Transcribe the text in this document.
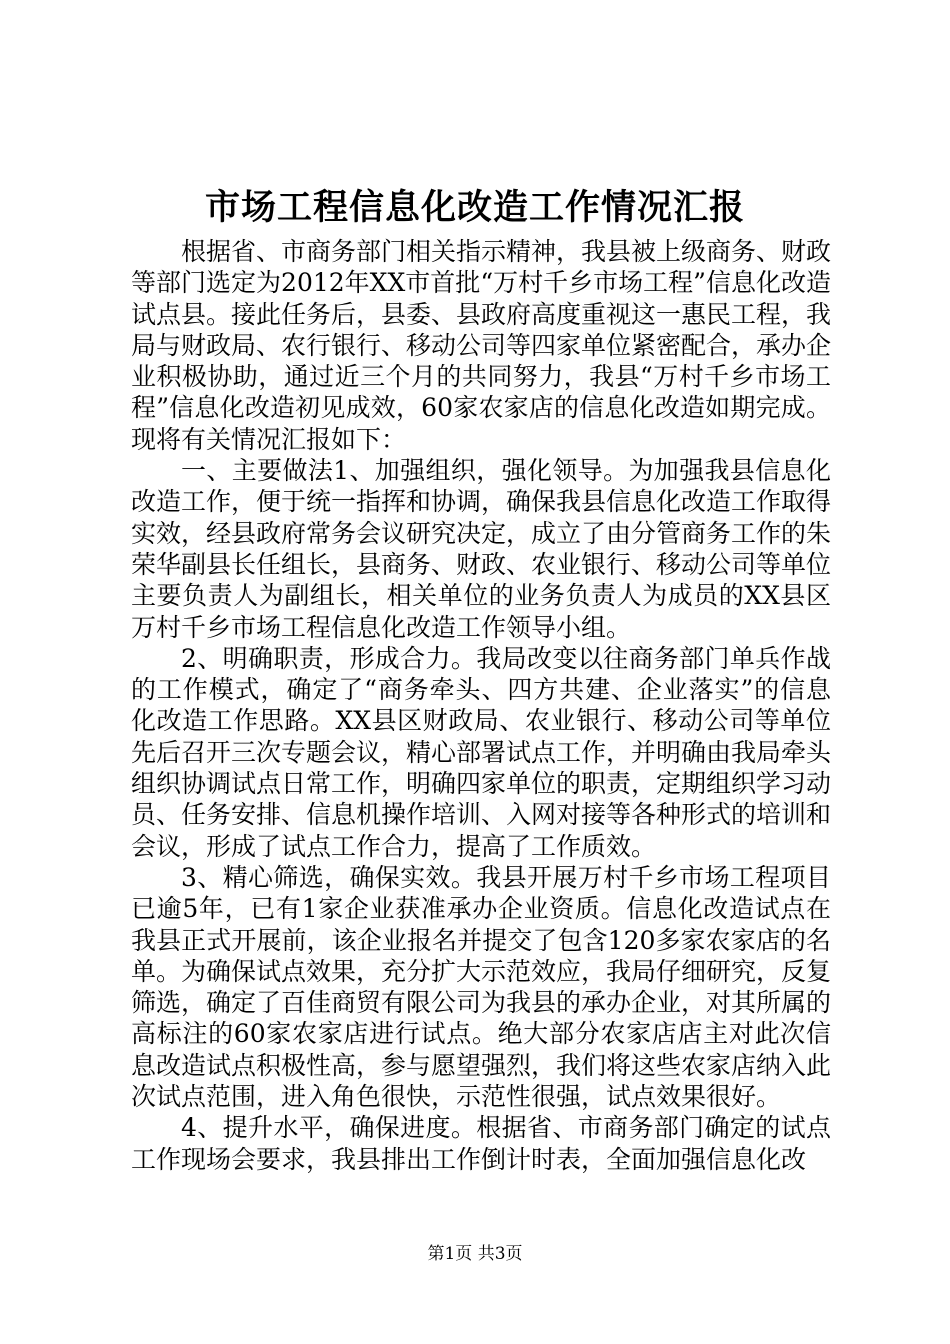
市场工程信息化改造工作情况汇报

根据省、市商务部门相关指示精神，我县被上级商务、财政等部门选定为2012年XX市首批“万村千乡市场工程”信息化改造试点县。接此任务后，县委、县政府高度重视这一惠民工程，我局与财政局、农行银行、移动公司等四家单位紧密配合，承办企业积极协助，通过近三个月的共同努力，我县“万村千乡市场工程”信息化改造初见成效，60家农家店的信息化改造如期完成。现将有关情况汇报如下：

一、主要做法1、加强组织，强化领导。为加强我县信息化改造工作，便于统一指挥和协调，确保我县信息化改造工作取得实效，经县政府常务会议研究决定，成立了由分管商务工作的朱荣华副县长任组长，县商务、财政、农业银行、移动公司等单位主要负责人为副组长，相关单位的业务负责人为成员的XX县区万村千乡市场工程信息化改造工作领导小组。

2、明确职责，形成合力。我局改变以往商务部门单兵作战的工作模式，确定了“商务牵头、四方共建、企业落实”的信息化改造工作思路。XX县区财政局、农业银行、移动公司等单位先后召开三次专题会议，精心部署试点工作，并明确由我局牵头组织协调试点日常工作，明确四家单位的职责，定期组织学习动员、任务安排、信息机操作培训、入网对接等各种形式的培训和会议，形成了试点工作合力，提高了工作质效。

3、精心筛选，确保实效。我县开展万村千乡市场工程项目已逾5年，已有1家企业获准承办企业资质。信息化改造试点在我县正式开展前，该企业报名并提交了包含120多家农家店的名单。为确保试点效果，充分扩大示范效应，我局仔细研究，反复筛选，确定了百佳商贸有限公司为我县的承办企业，对其所属的高标注的60家农家店进行试点。绝大部分农家店店主对此次信息改造试点积极性高，参与愿望强烈，我们将这些农家店纳入此次试点范围，进入角色很快，示范性很强，试点效果很好。

4、提升水平，确保进度。根据省、市商务部门确定的试点工作现场会要求，我县排出工作倒计时表，全面加强信息化改

第1页 共3页
